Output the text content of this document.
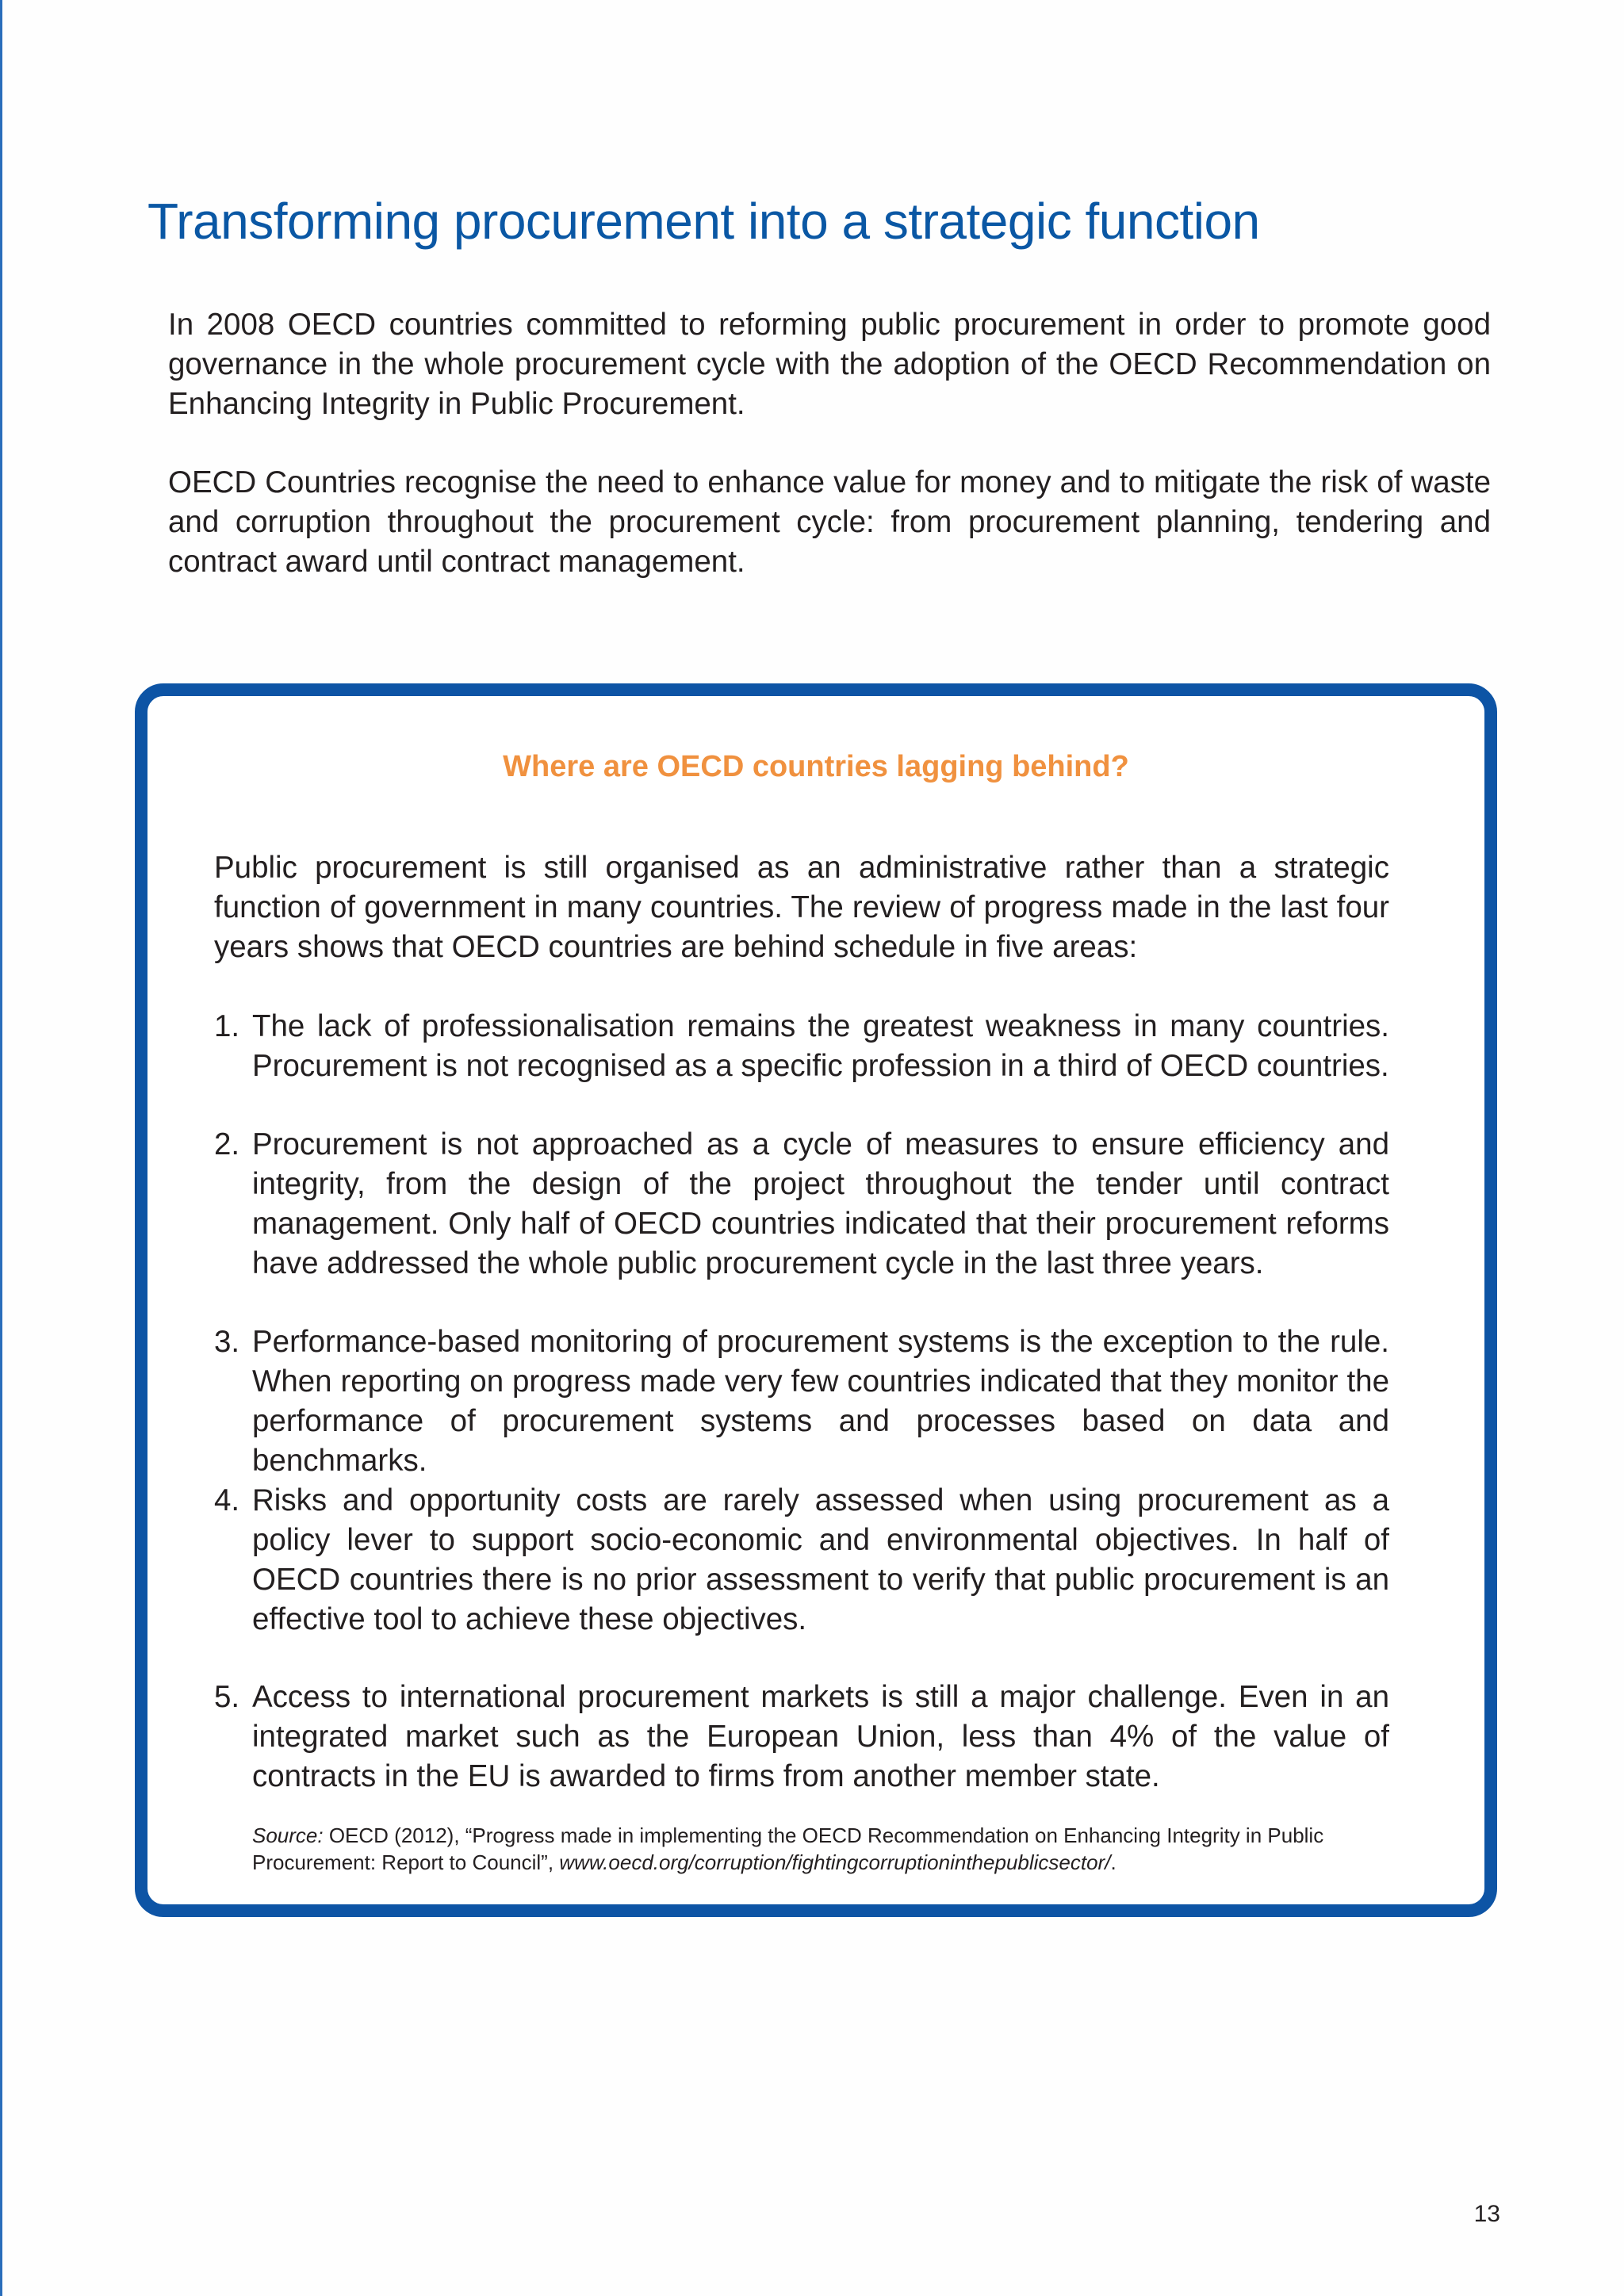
Transforming procurement into a strategic function

In 2008 OECD countries committed to reforming public procurement in order to promote good governance in the whole procurement cycle with the adoption of the OECD Recommendation on Enhancing Integrity in Public Procurement.

OECD Countries recognise the need to enhance value for money and to mitigate the risk of waste and corruption throughout the procurement cycle: from procurement planning, tendering and contract award until contract management.

Where are OECD countries lagging behind?

Public procurement is still organised as an administrative rather than a strategic function of government in many countries. The review of progress made in the last four years shows that OECD countries are behind schedule in five areas:

1. The lack of professionalisation remains the greatest weakness in many countries. Procurement is not recognised as a specific profession in a third of OECD countries.
2. Procurement is not approached as a cycle of measures to ensure efficiency and integrity, from the design of the project throughout the tender until contract management. Only half of OECD countries indicated that their procurement reforms have addressed the whole public procurement cycle in the last three years.
3. Performance-based monitoring of procurement systems is the exception to the rule. When reporting on progress made very few countries indicated that they monitor the performance of procurement systems and processes based on data and benchmarks.
4. Risks and opportunity costs are rarely assessed when using procurement as a policy lever to support socio-economic and environmental objectives. In half of OECD countries there is no prior assessment to verify that public procurement is an effective tool to achieve these objectives.
5. Access to international procurement markets is still a major challenge. Even in an integrated market such as the European Union, less than 4% of the value of contracts in the EU is awarded to firms from another member state.

Source: OECD (2012), “Progress made in implementing the OECD Recommendation on Enhancing Integrity in Public Procurement: Report to Council”, www.oecd.org/corruption/fightingcorruptioninthepublicsector/.

13
